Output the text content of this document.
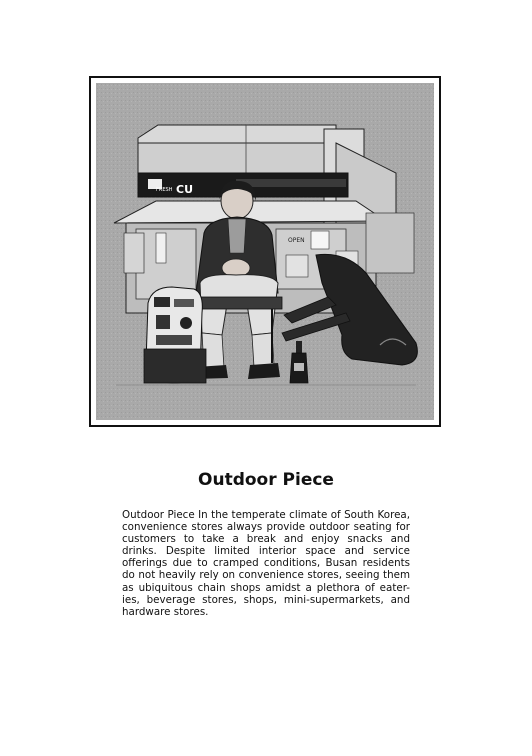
FRESH CU
OPEN
Outdoor Piece
Outdoor Piece In the temperate climate of South Korea, convenience stores always provide outdoor seating for customers to take a break and enjoy snacks and drinks. Despite limited interior space and service offerings due to cramped conditions, Busan residents do not heavily rely on convenience stores, seeing them as ubiquitous chain shops amidst a plethora of eater-ies, beverage stores, shops, mini-supermarkets, and hardware stores.
